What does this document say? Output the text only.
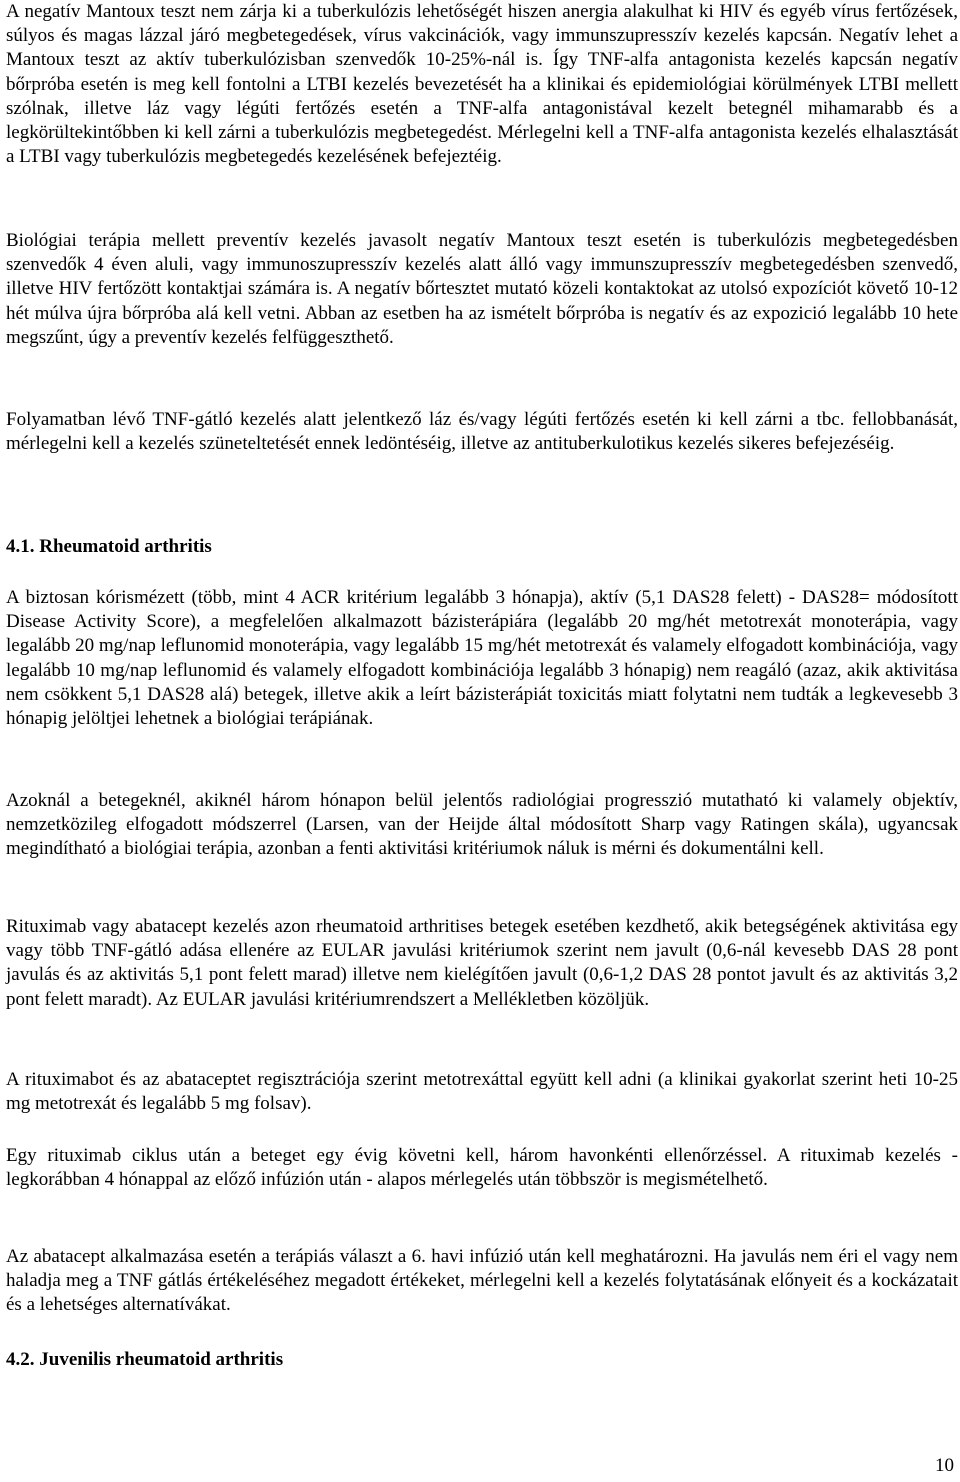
A negatív Mantoux teszt nem zárja ki a tuberkulózis lehetőségét hiszen anergia alakulhat ki HIV és egyéb vírus fertőzések, súlyos és magas lázzal járó megbetegedések, vírus vakcinációk, vagy immunszupresszív kezelés kapcsán. Negatív lehet a Mantoux teszt az aktív tuberkulózisban szenvedők 10-25%-nál is. Így TNF-alfa antagonista kezelés kapcsán negatív bőrpróba esetén is meg kell fontolni a LTBI kezelés bevezetését ha a klinikai és epidemiológiai körülmények LTBI mellett szólnak, illetve láz vagy légúti fertőzés esetén a TNF-alfa antagonistával kezelt betegnél mihamarabb és a legkörültekintőbben ki kell zárni a tuberkulózis megbetegedést. Mérlegelni kell a TNF-alfa antagonista kezelés elhalasztását a LTBI vagy tuberkulózis megbetegedés kezelésének befejeztéig.

Biológiai terápia mellett preventív kezelés javasolt negatív Mantoux teszt esetén is tuberkulózis megbetegedésben szenvedők 4 éven aluli, vagy immunoszupresszív kezelés alatt álló vagy immunszupresszív megbetegedésben szenvedő, illetve HIV fertőzött kontaktjai számára is. A negatív bőrtesztet mutató közeli kontaktokat az utolsó expozíciót követő 10-12 hét múlva újra bőrpróba alá kell vetni. Abban az esetben ha az ismételt bőrpróba is negatív és az expozició legalább 10 hete megszűnt, úgy a preventív kezelés felfüggeszthető.

Folyamatban lévő TNF-gátló kezelés alatt jelentkező láz és/vagy légúti fertőzés esetén ki kell zárni a tbc. fellobbanását, mérlegelni kell a kezelés szüneteltetését ennek ledöntéséig, illetve az antituberkulotikus kezelés sikeres befejezéséig.

4.1. Rheumatoid arthritis

A biztosan kórismézett (több, mint 4 ACR kritérium legalább 3 hónapja), aktív (5,1 DAS28 felett) - DAS28= módosított Disease Activity Score), a megfelelően alkalmazott bázisterápiára (legalább 20 mg/hét metotrexát monoterápia, vagy legalább 20 mg/nap leflunomid monoterápia, vagy legalább 15 mg/hét metotrexát és valamely elfogadott kombinációja, vagy legalább 10 mg/nap leflunomid és valamely elfogadott kombinációja legalább 3 hónapig) nem reagáló (azaz, akik aktivitása nem csökkent 5,1 DAS28 alá) betegek, illetve akik a leírt bázisterápiát toxicitás miatt folytatni nem tudták a legkevesebb 3 hónapig jelöltjei lehetnek a biológiai terápiának.

Azoknál a betegeknél, akiknél három hónapon belül jelentős radiológiai progresszió mutatható ki valamely objektív, nemzetközileg elfogadott módszerrel (Larsen, van der Heijde által módosított Sharp vagy Ratingen skála), ugyancsak megindítható a biológiai terápia, azonban a fenti aktivitási kritériumok náluk is mérni és dokumentálni kell.

Rituximab vagy abatacept kezelés azon rheumatoid arthritises betegek esetében kezdhető, akik betegségének aktivitása egy vagy több TNF-gátló adása ellenére az EULAR javulási kritériumok szerint nem javult (0,6-nál kevesebb DAS 28 pont javulás és az aktivitás 5,1 pont felett marad) illetve nem kielégítően javult (0,6-1,2 DAS 28 pontot javult és az aktivitás 3,2 pont felett maradt). Az EULAR javulási kritériumrendszert a Mellékletben közöljük.

A rituximabot és az abataceptet regisztrációja szerint metotrexáttal együtt kell adni (a klinikai gyakorlat szerint heti 10-25 mg metotrexát és legalább 5 mg folsav).

Egy rituximab ciklus után a beteget egy évig követni kell, három havonkénti ellenőrzéssel. A rituximab kezelés - legkorábban 4 hónappal az előző infúzión után - alapos mérlegelés után többször is megismételhető.

Az abatacept alkalmazása esetén a terápiás választ a 6. havi infúzió után kell meghatározni. Ha javulás nem éri el vagy nem haladja meg a TNF gátlás értékeléséhez megadott értékeket, mérlegelni kell a kezelés folytatásának előnyeit és a kockázatait és a lehetséges alternatívákat.

4.2. Juvenilis rheumatoid arthritis
10
